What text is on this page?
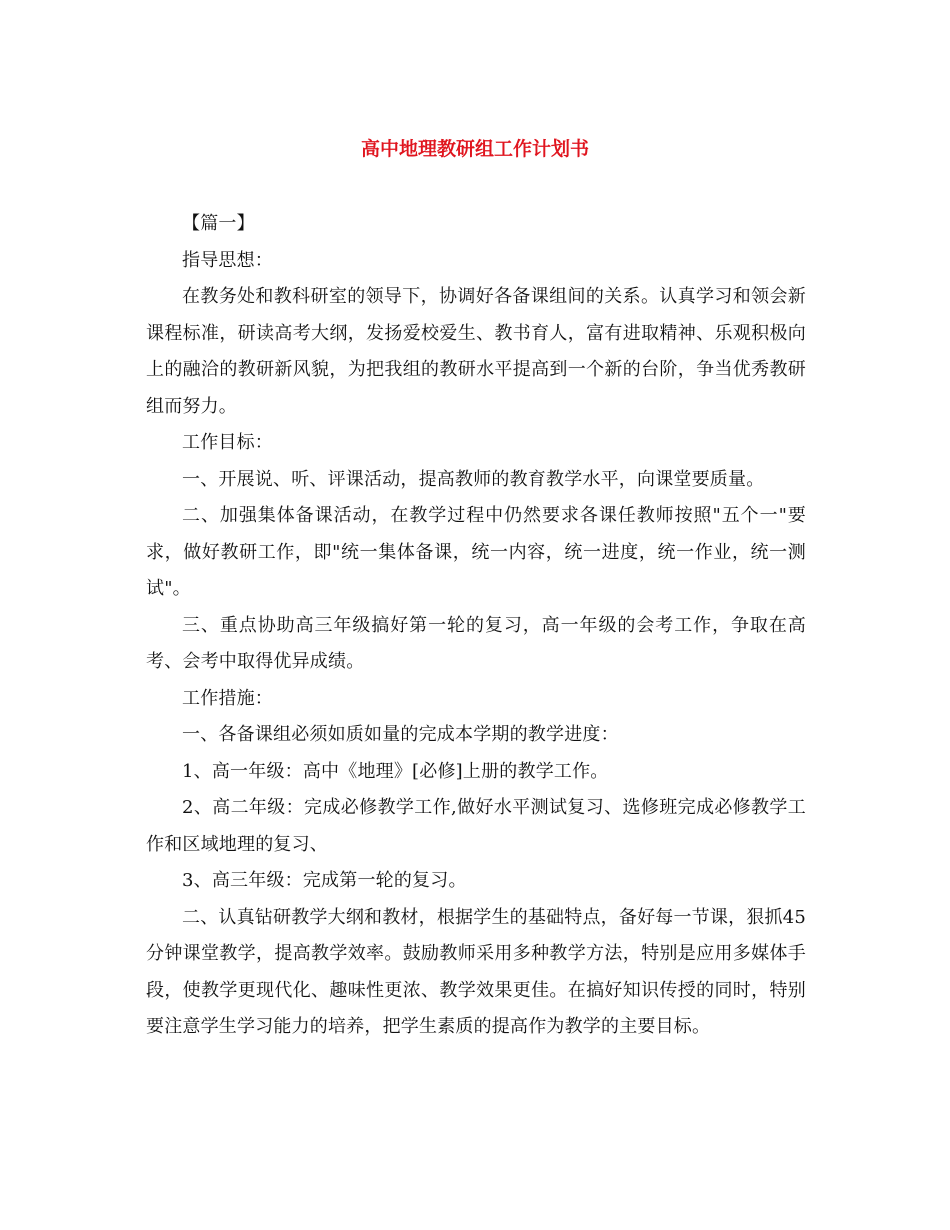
高中地理教研组工作计划书

【篇一】

指导思想：

在教务处和教科研室的领导下，协调好各备课组间的关系。认真学习和领会新课程标准，研读高考大纲，发扬爱校爱生、教书育人，富有进取精神、乐观积极向上的融洽的教研新风貌，为把我组的教研水平提高到一个新的台阶，争当优秀教研组而努力。

工作目标：

一、开展说、听、评课活动，提高教师的教育教学水平，向课堂要质量。

二、加强集体备课活动，在教学过程中仍然要求各课任教师按照"五个一"要求，做好教研工作，即"统一集体备课，统一内容，统一进度，统一作业，统一测试"。

三、重点协助高三年级搞好第一轮的复习，高一年级的会考工作，争取在高考、会考中取得优异成绩。

工作措施：

一、各备课组必须如质如量的完成本学期的教学进度：

1、高一年级：高中《地理》[必修]上册的教学工作。

2、高二年级：完成必修教学工作,做好水平测试复习、选修班完成必修教学工作和区域地理的复习、

3、高三年级：完成第一轮的复习。

二、认真钻研教学大纲和教材，根据学生的基础特点，备好每一节课，狠抓45分钟课堂教学，提高教学效率。鼓励教师采用多种教学方法，特别是应用多媒体手段，使教学更现代化、趣味性更浓、教学效果更佳。在搞好知识传授的同时，特别要注意学生学习能力的培养，把学生素质的提高作为教学的主要目标。
